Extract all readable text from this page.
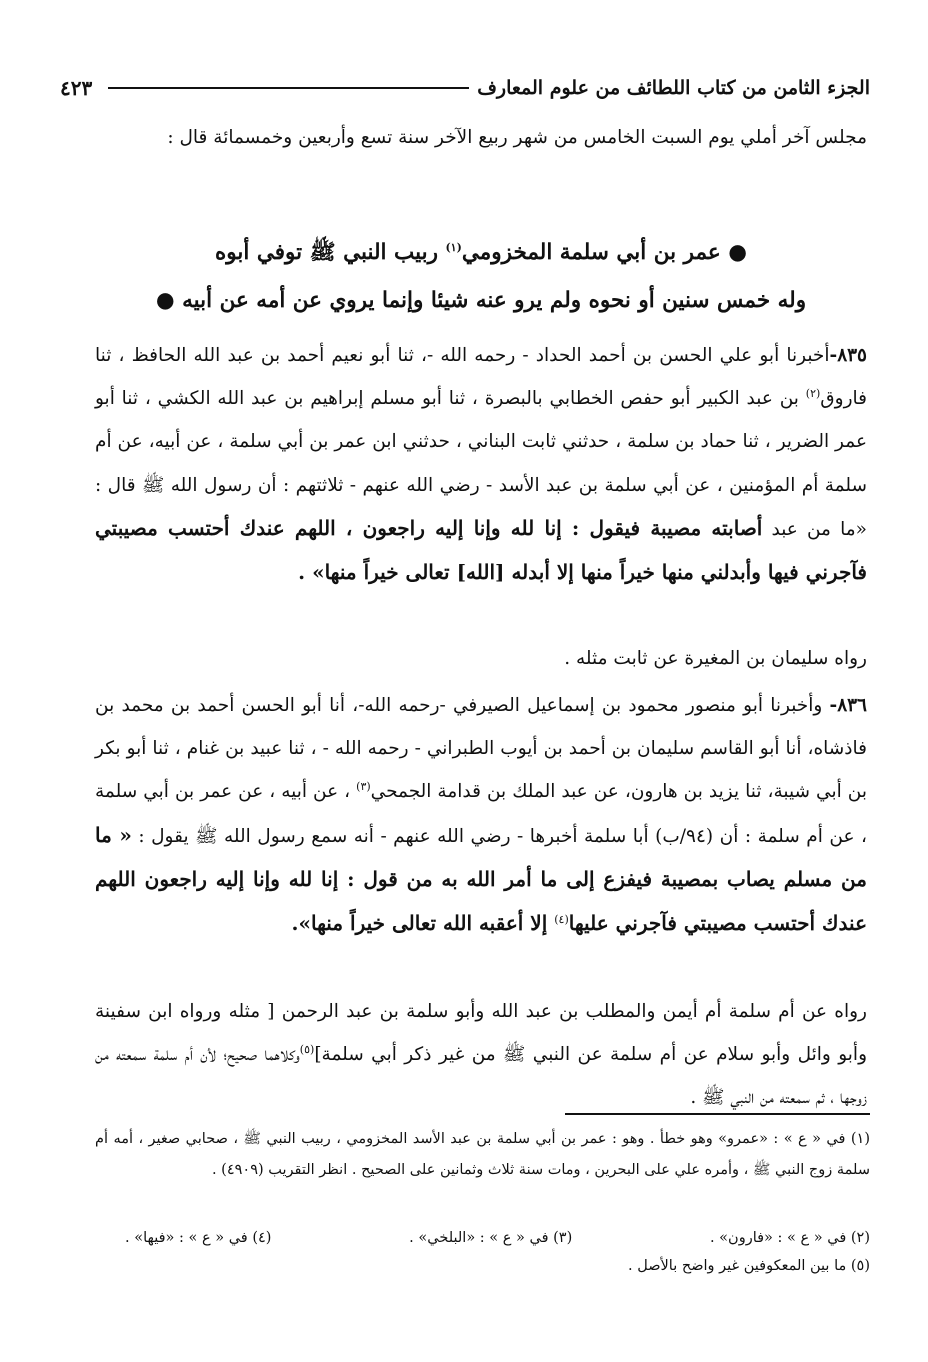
الجزء الثامن من كتاب اللطائف من علوم المعارف
٤٢٣
مجلس آخر أملي يوم السبت الخامس من شهر ربيع الآخر سنة تسع وأربعين وخمسمائة قال :
● عمر بن أبي سلمة المخزومي$^{(١)}$ ربيب النبي ﷺ توفي أبوه
وله خمس سنين أو نحوه ولم يرو عنه شيئا وإنما يروي عن أمه عن أبيه ●
٨٣٥-أخبرنا أبو علي الحسن بن أحمد الحداد - رحمه الله -، ثنا أبو نعيم أحمد بن عبد الله الحافظ ، ثنا فاروق$^{(٢)}$ بن عبد الكبير أبو حفص الخطابي بالبصرة ، ثنا أبو مسلم إبراهيم بن عبد الله الكشي ، ثنا أبو عمر الضرير ، ثنا حماد بن سلمة ، حدثني ثابت البناني ، حدثني ابن عمر بن أبي سلمة ، عن أبيه، عن أم سلمة أم المؤمنين ، عن أبي سلمة بن عبد الأسد - رضي الله عنهم - ثلاثتهم : أن رسول الله ﷺ قال : «ما من عبد أصابته مصيبة فيقول : إنا لله وإنا إليه راجعون ، اللهم عندك أحتسب مصيبتي فآجرني فيها وأبدلني منها خيراً منها إلا أبدله [الله] تعالى خيراً منها» .
رواه سليمان بن المغيرة عن ثابت مثله .
٨٣٦- وأخبرنا أبو منصور محمود بن إسماعيل الصيرفي -رحمه الله-، أنا أبو الحسن أحمد بن محمد بن فاذشاه، أنا أبو القاسم سليمان بن أحمد بن أيوب الطبراني - رحمه الله - ، ثنا عبيد بن غنام ، ثنا أبو بكر بن أبي شيبة، ثنا يزيد بن هارون، عن عبد الملك بن قدامة الجمحي$^{(٣)}$ ، عن أبيه ، عن عمر بن أبي سلمة ، عن أم سلمة : أن (٩٤/ب) أبا سلمة أخبرها - رضي الله عنهم - أنه سمع رسول الله ﷺ يقول : « ما من مسلم يصاب بمصيبة فيفزع إلى ما أمر الله به من قول : إنا لله وإنا إليه راجعون اللهم عندك أحتسب مصيبتي فآجرني عليها$^{(٤)}$ إلا أعقبه الله تعالى خيراً منها».
رواه عن أم سلمة أم أيمن والمطلب بن عبد الله وأبو سلمة بن عبد الرحمن [ مثله ورواه ابن سفينة وأبو وائل وأبو سلام عن أم سلمة عن النبي ﷺ من غير ذكر أبي سلمة]$^{(٥)}$وكلاهما صحيح؛ لأن أم سلمة سمعته من زوجها ، ثم سمعته من النبي ﷺ .
(١) في « ع » : «عمرو» وهو خطأ . وهو : عمر بن أبي سلمة بن عبد الأسد المخزومي ، ربيب النبي ﷺ ، صحابي صغير ، أمه أم سلمة زوج النبي ﷺ ، وأمره علي على البحرين ، ومات سنة ثلاث وثمانين على الصحيح . انظر التقريب (٤٩٠٩) .
(٢) في « ع » : «فارون» .
(٣) في « ع » : «البلخي» .
(٤) في « ع » : «فيها» .
(٥) ما بين المعكوفين غير واضح بالأصل .
